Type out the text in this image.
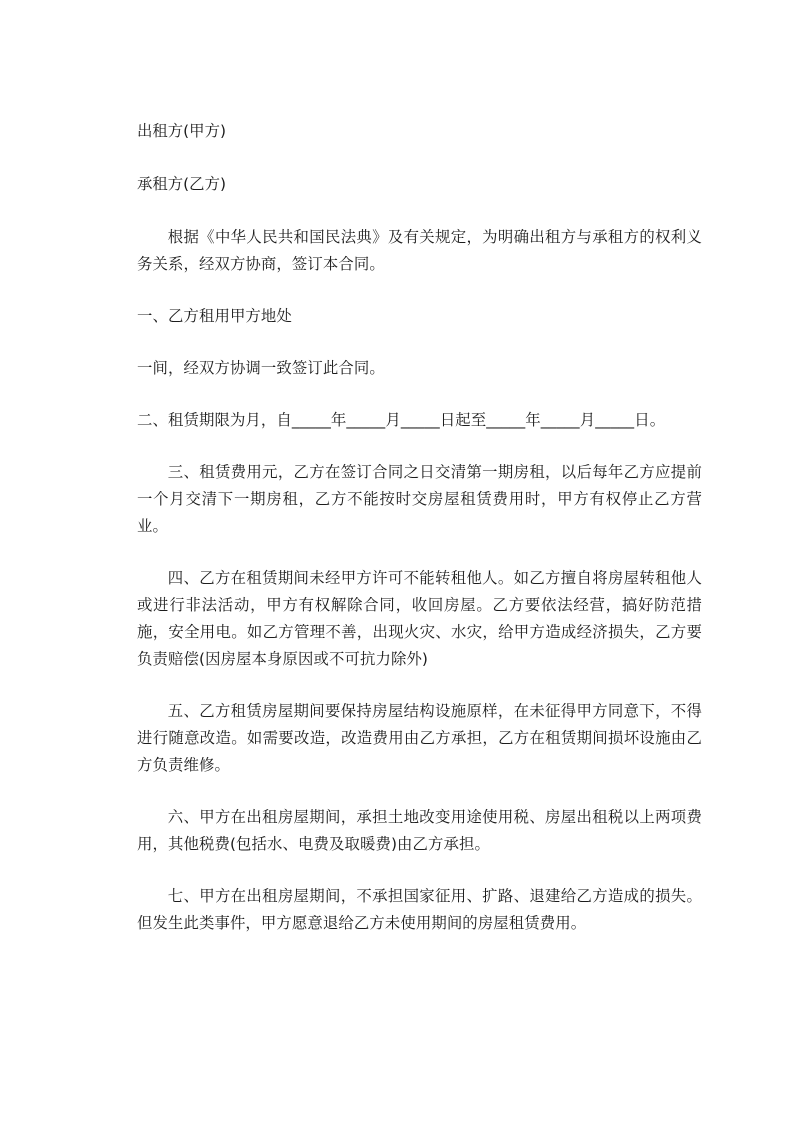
出租方(甲方)

承租方(乙方)

根据《中华人民共和国民法典》及有关规定，为明确出租方与承租方的权利义务关系，经双方协商，签订本合同。

一、乙方租用甲方地处

一间，经双方协调一致签订此合同。

二、租赁期限为月，自_____年_____月_____日起至_____年_____月_____日。

三、租赁费用元，乙方在签订合同之日交清第一期房租，以后每年乙方应提前一个月交清下一期房租，乙方不能按时交房屋租赁费用时，甲方有权停止乙方营业。

四、乙方在租赁期间未经甲方许可不能转租他人。如乙方擅自将房屋转租他人或进行非法活动，甲方有权解除合同，收回房屋。乙方要依法经营，搞好防范措施，安全用电。如乙方管理不善，出现火灾、水灾，给甲方造成经济损失，乙方要负责赔偿(因房屋本身原因或不可抗力除外)

五、乙方租赁房屋期间要保持房屋结构设施原样，在未征得甲方同意下，不得进行随意改造。如需要改造，改造费用由乙方承担，乙方在租赁期间损坏设施由乙方负责维修。

六、甲方在出租房屋期间，承担土地改变用途使用税、房屋出租税以上两项费用，其他税费(包括水、电费及取暖费)由乙方承担。

七、甲方在出租房屋期间，不承担国家征用、扩路、退建给乙方造成的损失。但发生此类事件，甲方愿意退给乙方未使用期间的房屋租赁费用。
